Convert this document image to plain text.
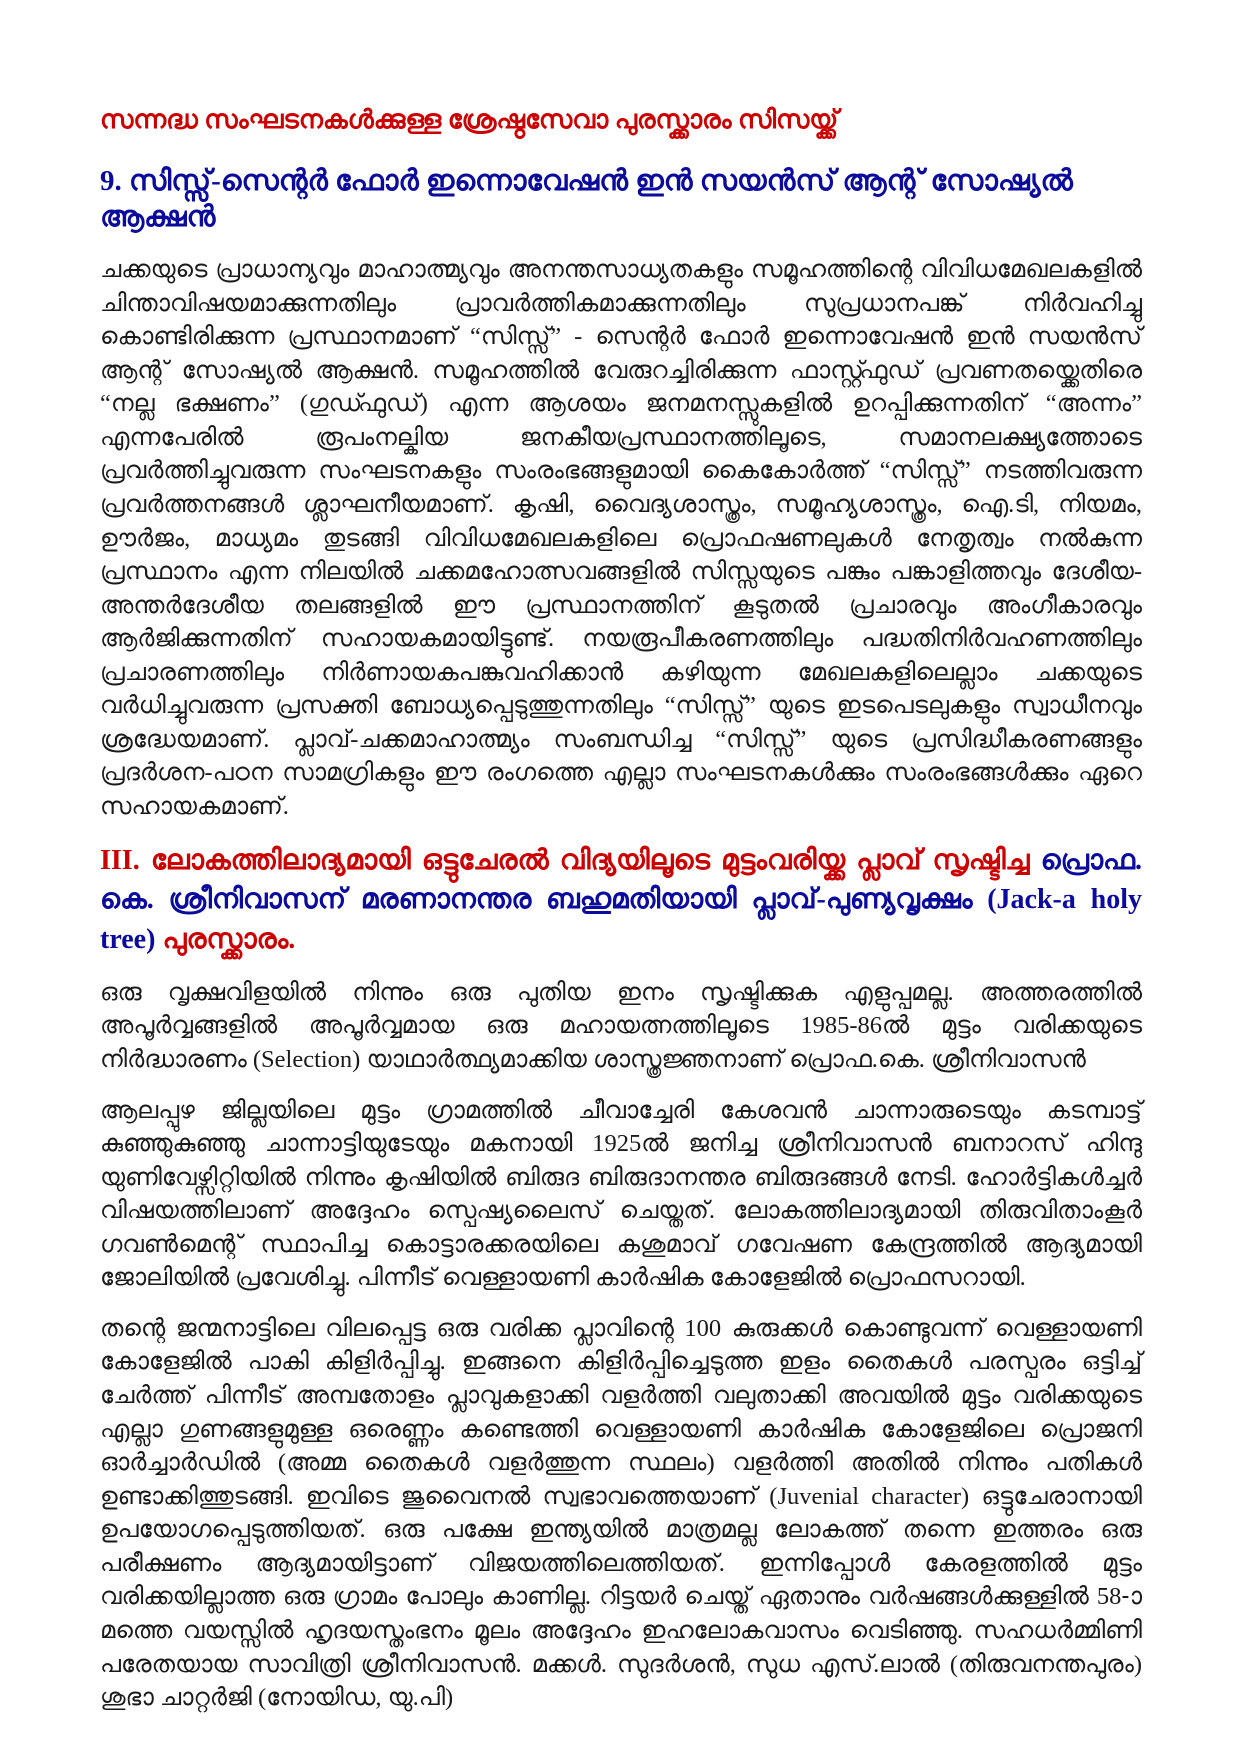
സന്നദ്ധ സംഘടനകൾക്കുള്ള ശ്രേഷ്ഠസേവാ പുരസ്ക്കാരം സിസയ്ക്ക്
9. സിസ്സ്-സെന്റർ ഫോർ ഇന്നൊവേഷൻ ഇൻ സയൻസ് ആന്റ് സോഷ്യൽ ആക്ഷൻ

ചക്കയുടെ പ്രാധാന്യവും മാഹാത്മ്യവും അനന്തസാധ്യതകളും സമൂഹത്തിന്റെ വിവിധമേഖലകളിൽ ചിന്താവിഷയമാക്കുന്നതിലും പ്രാവർത്തികമാക്കുന്നതിലും സുപ്രധാനപങ്ക് നിർവഹിച്ചു കൊണ്ടിരിക്കുന്ന പ്രസ്ഥാനമാണ് “സിസ്സ്” - സെന്റർ ഫോർ ഇന്നൊവേഷൻ ഇൻ സയൻസ് ആന്റ് സോഷ്യൽ ആക്ഷൻ. സമൂഹത്തിൽ വേരുറച്ചിരിക്കുന്ന ഫാസ്റ്റ്ഫുഡ് പ്രവണതയ്ക്കെതിരെ “നല്ല ഭക്ഷണം” (ഗുഡ്ഫുഡ്) എന്ന ആശയം ജനമനസ്സുകളിൽ ഉറപ്പിക്കുന്നതിന് “അന്നം” എന്നപേരിൽ രൂപംനല്കിയ ജനകീയപ്രസ്ഥാനത്തിലൂടെ, സമാനലക്ഷ്യത്തോടെ പ്രവർത്തിച്ചുവരുന്ന സംഘടനകളും സംരംഭങ്ങളുമായി കൈകോർത്ത് “സിസ്സ്” നടത്തിവരുന്ന പ്രവർത്തനങ്ങൾ ശ്ലാഘനീയമാണ്. കൃഷി, വൈദ്യശാസ്ത്രം, സമൂഹ്യശാസ്ത്രം, ഐ.ടി, നിയമം, ഊർജം, മാധ്യമം തുടങ്ങി വിവിധമേഖലകളിലെ പ്രൊഫഷണലുകൾ നേതൃത്വം നൽകുന്ന പ്രസ്ഥാനം എന്ന നിലയിൽ ചക്കമഹോത്സവങ്ങളിൽ സിസ്സയുടെ പങ്കും പങ്കാളിത്തവും ദേശീയ-അന്തർദേശീയ തലങ്ങളിൽ ഈ പ്രസ്ഥാനത്തിന് കൂടുതൽ പ്രചാരവും അംഗീകാരവും ആർജിക്കുന്നതിന് സഹായകമായിട്ടുണ്ട്. നയരൂപീകരണത്തിലും പദ്ധതിനിർവഹണത്തിലും പ്രചാരണത്തിലും നിർണായകപങ്കുവഹിക്കാൻ കഴിയുന്ന മേഖലകളിലെല്ലാം ചക്കയുടെ വർധിച്ചുവരുന്ന പ്രസക്തി ബോധ്യപ്പെടുത്തുന്നതിലും “സിസ്സ്” യുടെ ഇടപെടലുകളും സ്വാധീനവും ശ്രദ്ധേയമാണ്. പ്ലാവ്-ചക്കമാഹാത്മ്യം സംബന്ധിച്ച “സിസ്സ്” യുടെ പ്രസിദ്ധീകരണങ്ങളും പ്രദർശന-പഠന സാമഗ്രികളും ഈ രംഗത്തെ എല്ലാ സംഘടനകൾക്കും സംരംഭങ്ങൾക്കും ഏറെ സഹായകമാണ്.

III. ലോകത്തിലാദ്യമായി ഒട്ടുചേരൽ വിദ്യയിലൂടെ മുട്ടംവരിയ്ക്ക പ്ലാവ് സൃഷ്ടിച്ച പ്രൊഫ. കെ. ശ്രീനിവാസന് മരണാനന്തര ബഹുമതിയായി പ്ലാവ്-പുണ്യവൃക്ഷം (Jack-a holy tree) പുരസ്ക്കാരം.

ഒരു വൃക്ഷവിളയിൽ നിന്നും ഒരു പുതിയ ഇനം സൃഷ്ടിക്കുക എളുപ്പമല്ല. അത്തരത്തിൽ അപൂർവ്വങ്ങളിൽ അപൂർവ്വമായ ഒരു മഹായത്നത്തിലൂടെ 1985-86ൽ മുട്ടം വരിക്കയുടെ നിർദ്ധാരണം (Selection) യാഥാർത്ഥ്യമാക്കിയ ശാസ്ത്രജ്ഞനാണ് പ്രൊഫ.കെ. ശ്രീനിവാസൻ

ആലപ്പുഴ ജില്ലയിലെ മുട്ടം ഗ്രാമത്തിൽ ചീവാച്ചേരി കേശവൻ ചാന്നാരുടെയും കടമ്പാട്ട് കുഞ്ഞുകുഞ്ഞു ചാന്നാട്ടിയുടേയും മകനായി 1925ൽ ജനിച്ച ശ്രീനിവാസൻ ബനാറസ് ഹിന്ദു യുണിവേഴ്സിറ്റിയിൽ നിന്നും കൃഷിയിൽ ബിരുദ ബിരുദാനന്തര ബിരുദങ്ങൾ നേടി. ഹോർട്ടികൾച്ചർ വിഷയത്തിലാണ് അദ്ദേഹം സ്പെഷ്യലൈസ് ചെയ്തത്. ലോകത്തിലാദ്യമായി തിരുവിതാംകൂർ ഗവൺമെന്റ് സ്ഥാപിച്ച കൊട്ടാരക്കരയിലെ കശുമാവ് ഗവേഷണ കേന്ദ്രത്തിൽ ആദ്യമായി ജോലിയിൽ പ്രവേശിച്ചു. പിന്നീട് വെള്ളായണി കാർഷിക കോളേജിൽ പ്രൊഫസറായി.

തന്റെ ജന്മനാട്ടിലെ വിലപ്പെട്ട ഒരു വരിക്ക പ്ലാവിന്റെ 100 കുരുക്കൾ കൊണ്ടുവന്ന് വെള്ളായണി കോളേജിൽ പാകി കിളിർപ്പിച്ചു. ഇങ്ങനെ കിളിർപ്പിച്ചെടുത്ത ഇളം തൈകൾ പരസ്പരം ഒട്ടിച്ച് ചേർത്ത് പിന്നീട് അമ്പതോളം പ്ലാവുകളാക്കി വളർത്തി വലുതാക്കി അവയിൽ മുട്ടം വരിക്കയുടെ എല്ലാ ഗുണങ്ങളുമുള്ള ഒരെണ്ണം കണ്ടെത്തി വെള്ളായണി കാർഷിക കോളേജിലെ പ്രൊജനി ഓർച്ചാർഡിൽ (അമ്മ തൈകൾ വളർത്തുന്ന സ്ഥലം) വളർത്തി അതിൽ നിന്നും പതികൾ ഉണ്ടാക്കിത്തുടങ്ങി. ഇവിടെ ജുവൈനൽ സ്വഭാവത്തെയാണ് (Juvenial character) ഒട്ടുചേരാനായി ഉപയോഗപ്പെടുത്തിയത്. ഒരു പക്ഷേ ഇന്ത്യയിൽ മാത്രമല്ല ലോകത്ത് തന്നെ ഇത്തരം ഒരു പരീക്ഷണം ആദ്യമായിട്ടാണ് വിജയത്തിലെത്തിയത്. ഇന്നിപ്പോൾ കേരളത്തിൽ മുട്ടം വരിക്കയില്ലാത്ത ഒരു ഗ്രാമം പോലും കാണില്ല. റിട്ടയർ ചെയ്ത് ഏതാനും വർഷങ്ങൾക്കുള്ളിൽ 58-ാമത്തെ വയസ്സിൽ ഹൃദയസ്തംഭനം മൂലം അദ്ദേഹം ഇഹലോകവാസം വെടിഞ്ഞു. സഹധർമ്മിണി പരേതയായ സാവിത്രി ശ്രീനിവാസൻ. മക്കൾ. സുദർശൻ, സുധ എസ്.ലാൽ (തിരുവനന്തപുരം) ശുഭാ ചാറ്റർജി (നോയിഡ, യു.പി)
